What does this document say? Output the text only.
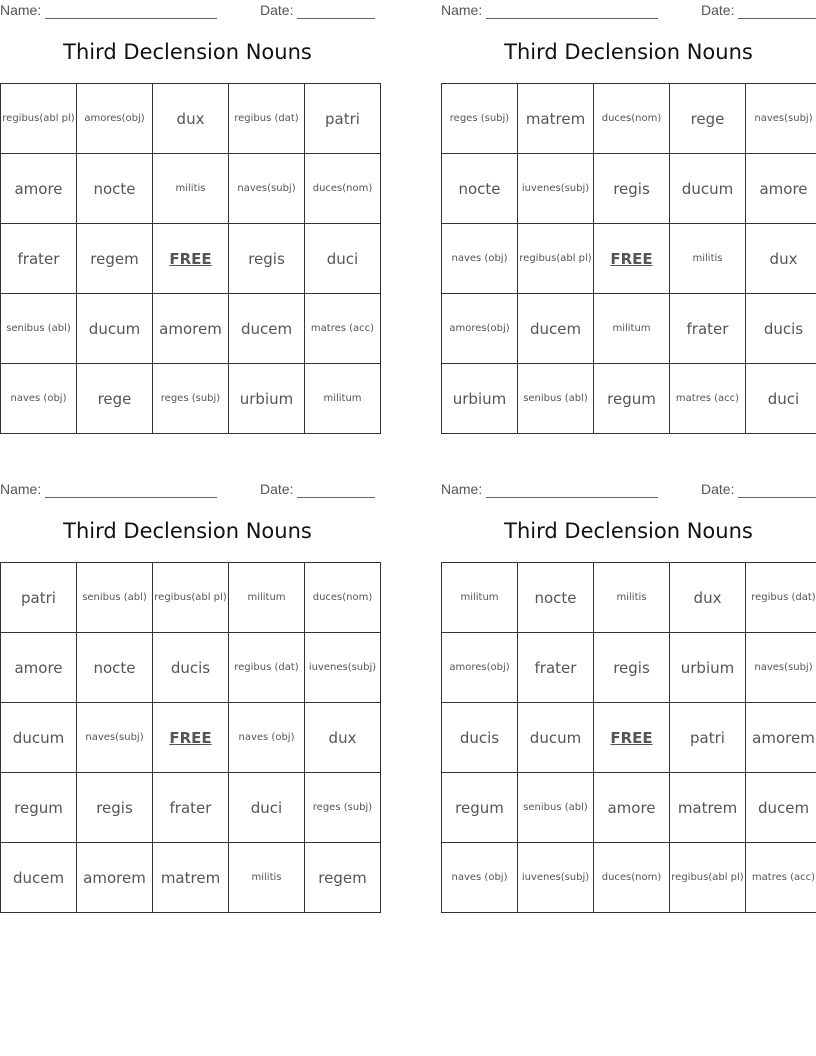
Name:	Date:
Third Declension Nouns
regibus(abl pl)	amores(obj)	dux	regibus (dat)	patri
amore	nocte	militis	naves(subj)	duces(nom)
frater	regem	FREE	regis	duci
senibus (abl)	ducum	amorem	ducem	matres (acc)
naves (obj)	rege	reges (subj)	urbium	militum
Name:	Date:
Third Declension Nouns
reges (subj)	matrem	duces(nom)	rege	naves(subj)
nocte	iuvenes(subj)	regis	ducum	amore
naves (obj)	regibus(abl pl)	FREE	militis	dux
amores(obj)	ducem	militum	frater	ducis
urbium	senibus (abl)	regum	matres (acc)	duci
Name:	Date:
Third Declension Nouns
patri	senibus (abl)	regibus(abl pl)	militum	duces(nom)
amore	nocte	ducis	regibus (dat)	iuvenes(subj)
ducum	naves(subj)	FREE	naves (obj)	dux
regum	regis	frater	duci	reges (subj)
ducem	amorem	matrem	militis	regem
Name:	Date:
Third Declension Nouns
militum	nocte	militis	dux	regibus (dat)
amores(obj)	frater	regis	urbium	naves(subj)
ducis	ducum	FREE	patri	amorem
regum	senibus (abl)	amore	matrem	ducem
naves (obj)	iuvenes(subj)	duces(nom)	regibus(abl pl)	matres (acc)
